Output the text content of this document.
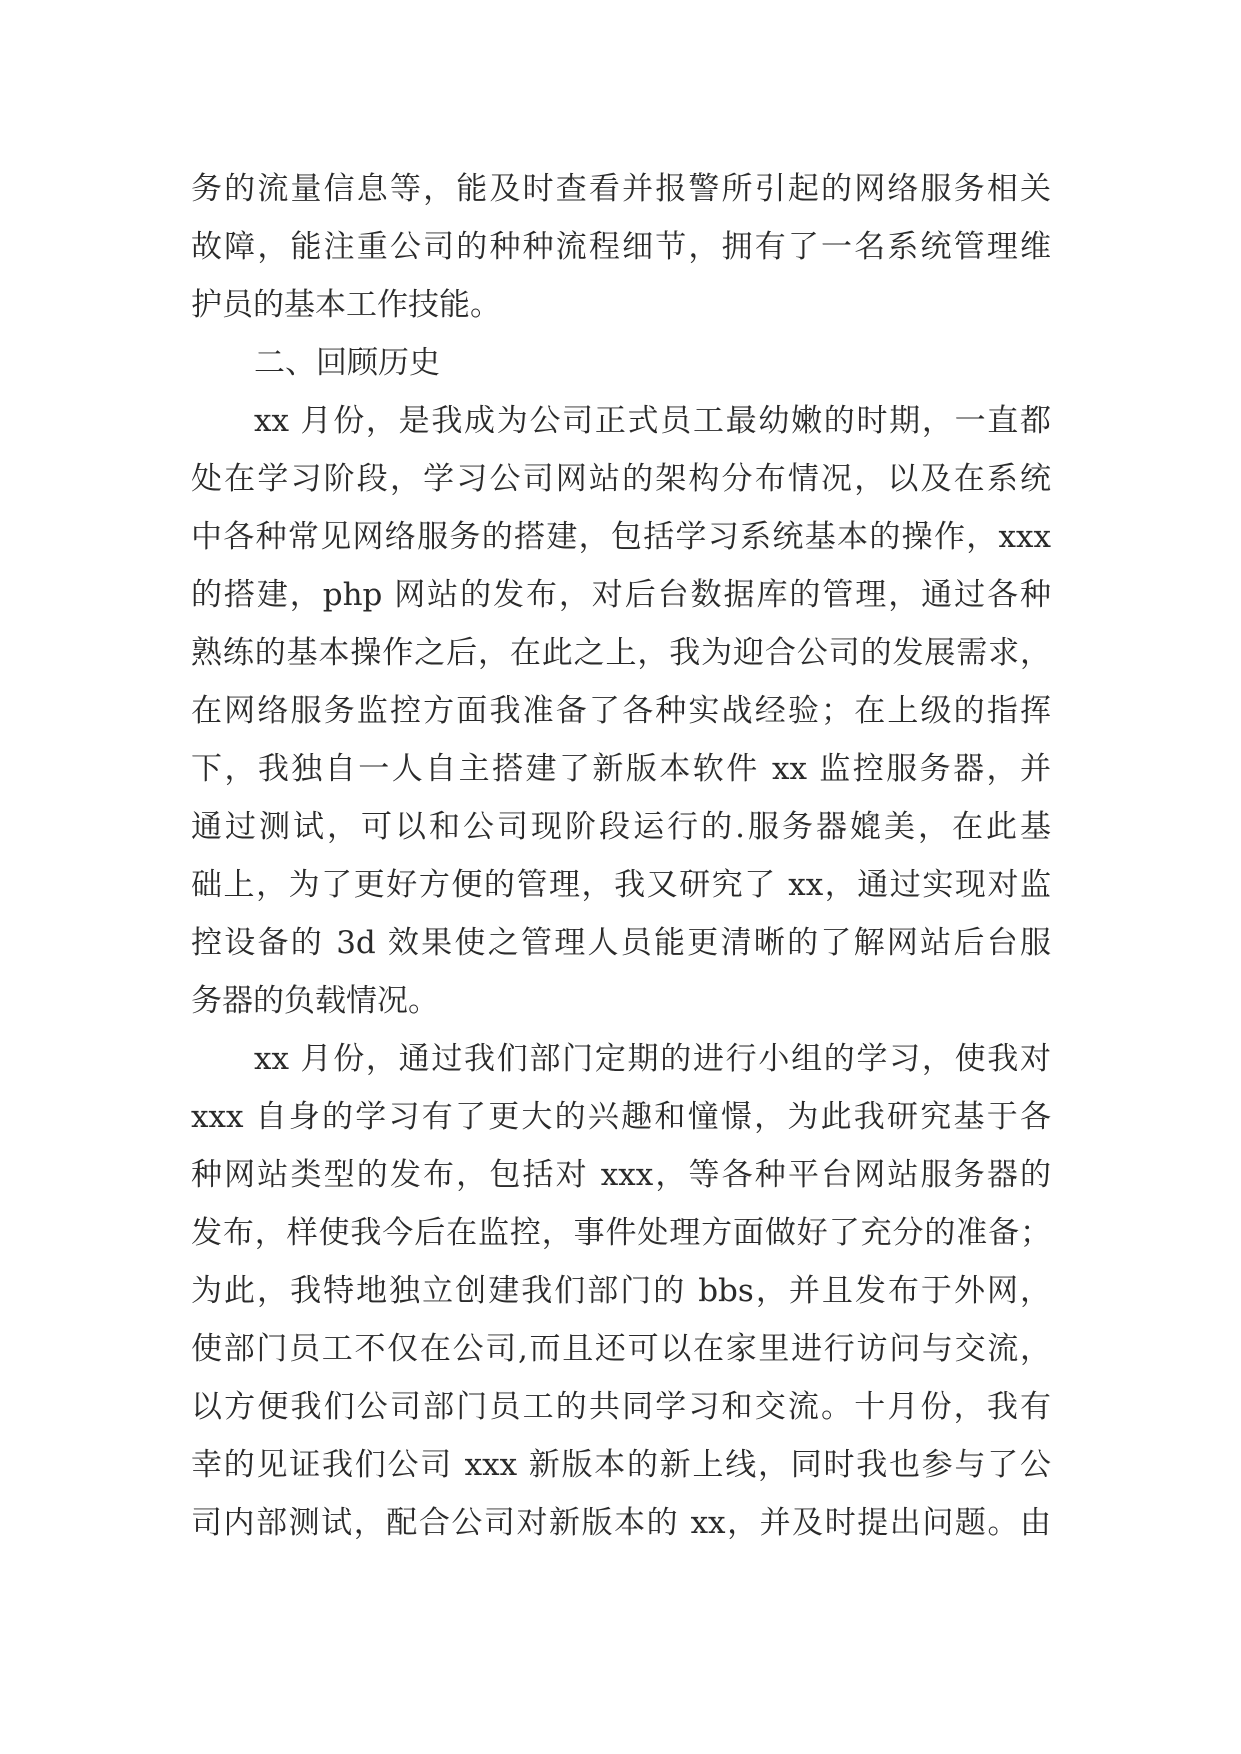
务的流量信息等，能及时查看并报警所引起的网络服务相关
故障，能注重公司的种种流程细节，拥有了一名系统管理维
护员的基本工作技能。
二、回顾历史
xx 月份，是我成为公司正式员工最幼嫩的时期，一直都
处在学习阶段，学习公司网站的架构分布情况，以及在系统
中各种常见网络服务的搭建，包括学习系统基本的操作，xxx
的搭建，php 网站的发布，对后台数据库的管理，通过各种
熟练的基本操作之后，在此之上，我为迎合公司的发展需求，
在网络服务监控方面我准备了各种实战经验；在上级的指挥
下，我独自一人自主搭建了新版本软件 xx 监控服务器，并
通过测试，可以和公司现阶段运行的.服务器媲美，在此基
础上，为了更好方便的管理，我又研究了 xx，通过实现对监
控设备的 3d 效果使之管理人员能更清晰的了解网站后台服
务器的负载情况。
xx 月份，通过我们部门定期的进行小组的学习，使我对
xxx 自身的学习有了更大的兴趣和憧憬，为此我研究基于各
种网站类型的发布，包括对 xxx，等各种平台网站服务器的
发布，样使我今后在监控，事件处理方面做好了充分的准备；
为此，我特地独立创建我们部门的 bbs，并且发布于外网，
使部门员工不仅在公司,而且还可以在家里进行访问与交流，
以方便我们公司部门员工的共同学习和交流。十月份，我有
幸的见证我们公司 xxx 新版本的新上线，同时我也参与了公
司内部测试，配合公司对新版本的 xx，并及时提出问题。由
